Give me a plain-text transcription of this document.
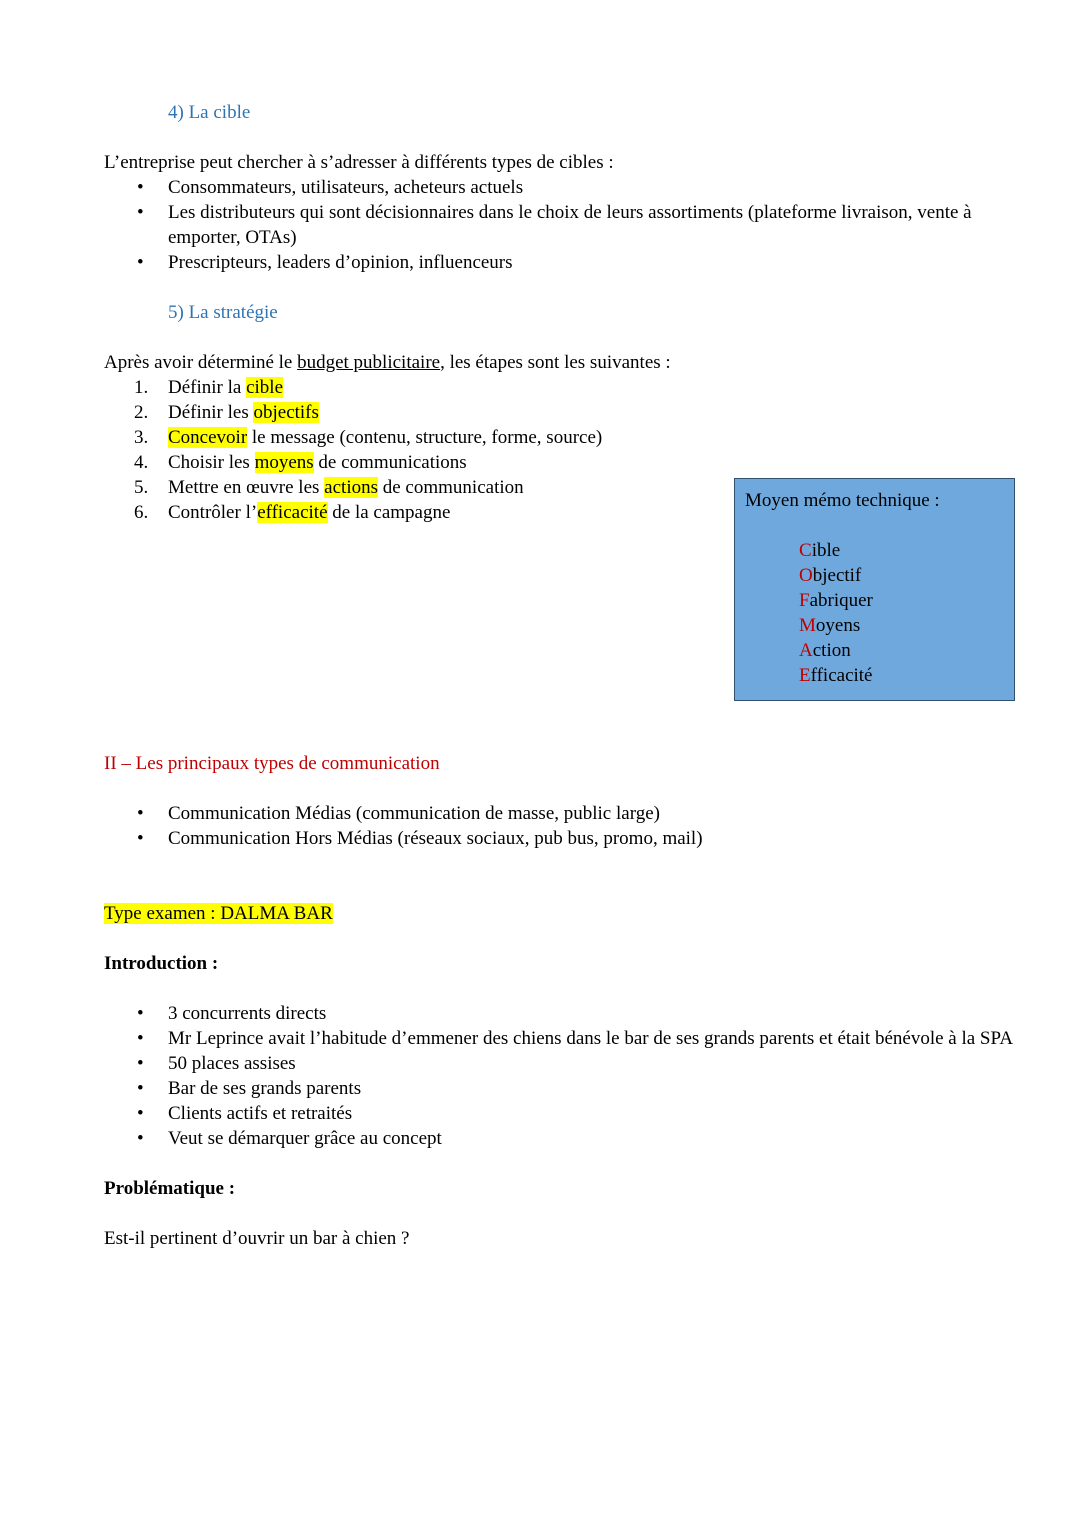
4) La cible

L’entreprise peut chercher à s’adresser à différents types de cibles :

• Consommateurs, utilisateurs, acheteurs actuels
• Les distributeurs qui sont décisionnaires dans le choix de leurs assortiments (plateforme livraison, vente à emporter, OTAs)
• Prescripteurs, leaders d’opinion, influenceurs
5) La stratégie

Après avoir déterminé le budget publicitaire, les étapes sont les suivantes :

Définir la cible
Définir les objectifs
Concevoir le message (contenu, structure, forme, source)
Choisir les moyens de communications
Mettre en œuvre les actions de communication
Contrôler l’efficacité de la campagne
II – Les principaux types de communication
• Communication Médias (communication de masse, public large)
• Communication Hors Médias (réseaux sociaux, pub bus, promo, mail)

Type examen : DALMA BAR

Introduction :

• 3 concurrents directs
• Mr Leprince avait l’habitude d’emmener des chiens dans le bar de ses grands parents et était bénévole à la SPA
• 50 places assises
• Bar de ses grands parents
• Clients actifs et retraités
• Veut se démarquer grâce au concept

Problématique :

Est-il pertinent d’ouvrir un bar à chien ?

Moyen mémo technique :
Cible
Objectif
Fabriquer
Moyens
Action
Efficacité
